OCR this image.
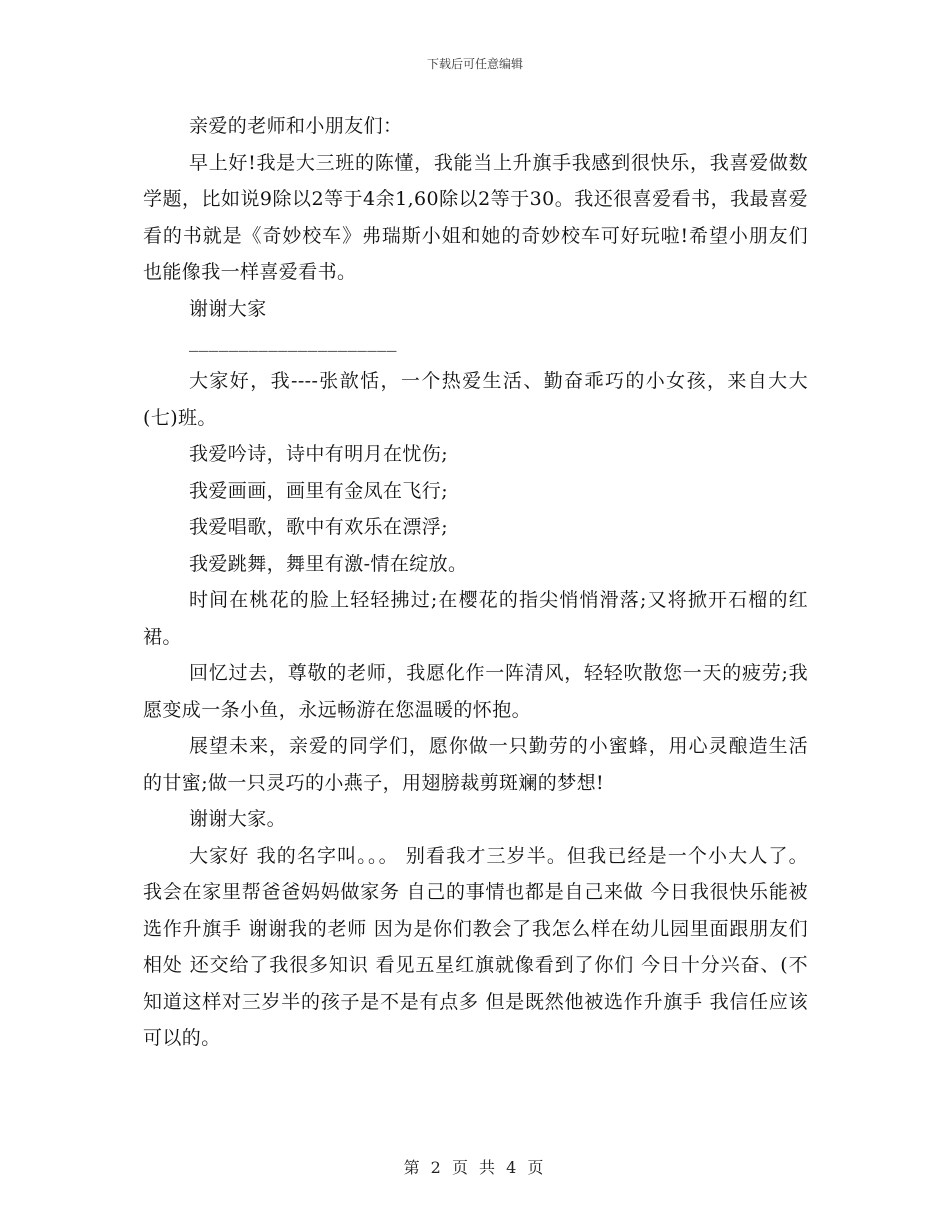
下载后可任意编辑

亲爱的老师和小朋友们：

早上好!我是大三班的陈懂，我能当上升旗手我感到很快乐，我喜爱做数学题，比如说9除以2等于4余1,60除以2等于30。我还很喜爱看书，我最喜爱看的书就是《奇妙校车》弗瑞斯小姐和她的奇妙校车可好玩啦!希望小朋友们也能像我一样喜爱看书。

谢谢大家

_____________________

大家好，我----张歆恬，一个热爱生活、勤奋乖巧的小女孩，来自大大(七)班。

我爱吟诗，诗中有明月在忧伤;

我爱画画，画里有金凤在飞行;

我爱唱歌，歌中有欢乐在漂浮;

我爱跳舞，舞里有激-情在绽放。

时间在桃花的脸上轻轻拂过;在樱花的指尖悄悄滑落;又将掀开石榴的红裙。

回忆过去，尊敬的老师，我愿化作一阵清风，轻轻吹散您一天的疲劳;我愿变成一条小鱼，永远畅游在您温暖的怀抱。

展望未来，亲爱的同学们，愿你做一只勤劳的小蜜蜂，用心灵酿造生活的甘蜜;做一只灵巧的小燕子，用翅膀裁剪斑斓的梦想!

谢谢大家。

大家好 我的名字叫。。。 别看我才三岁半。但我已经是一个小大人了。 我会在家里帮爸爸妈妈做家务 自己的事情也都是自己来做 今日我很快乐能被选作升旗手 谢谢我的老师 因为是你们教会了我怎么样在幼儿园里面跟朋友们相处 还交给了我很多知识 看见五星红旗就像看到了你们 今日十分兴奋、(不知道这样对三岁半的孩子是不是有点多 但是既然他被选作升旗手 我信任应该可以的。

第 2 页 共 4 页
